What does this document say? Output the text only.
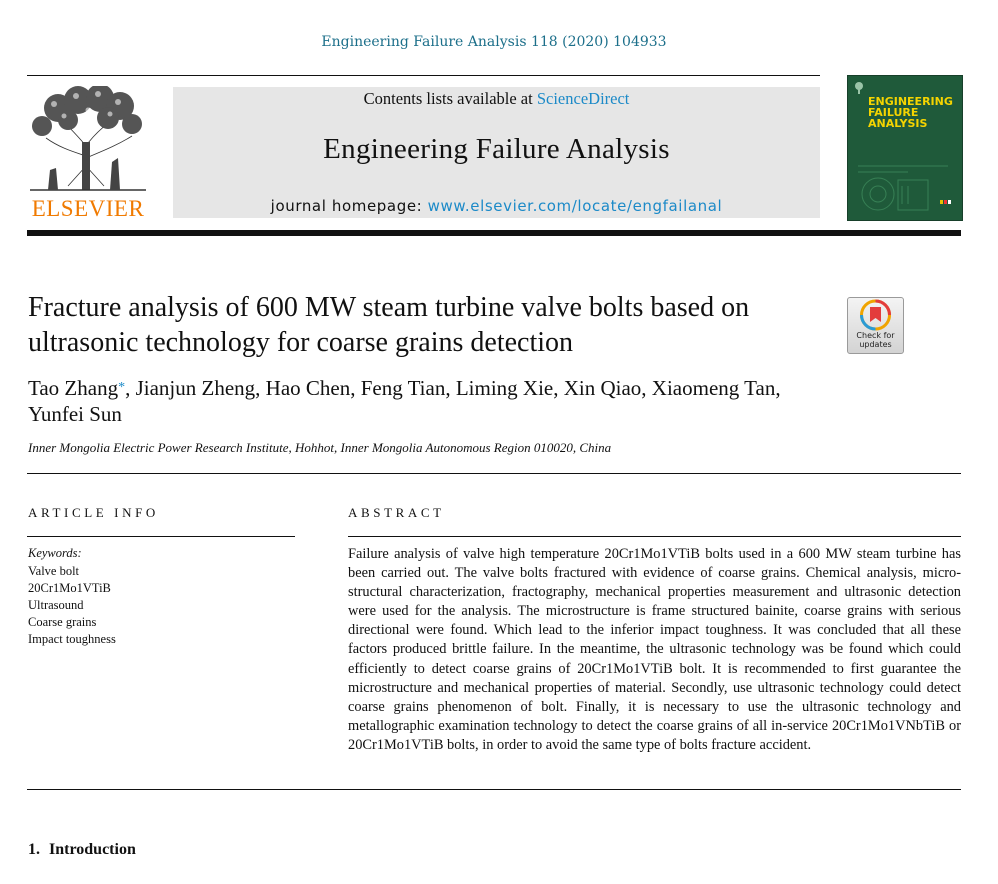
Engineering Failure Analysis 118 (2020) 104933
ELSEVIER
Contents lists available at ScienceDirect
Engineering Failure Analysis
journal homepage: www.elsevier.com/locate/engfailanal
ENGINEERING FAILURE ANALYSIS
Fracture analysis of 600 MW steam turbine valve bolts based on ultrasonic technology for coarse grains detection	Check for updates
Tao Zhang*, Jianjun Zheng, Hao Chen, Feng Tian, Liming Xie, Xin Qiao, Xiaomeng Tan, Yunfei Sun
Inner Mongolia Electric Power Research Institute, Hohhot, Inner Mongolia Autonomous Region 010020, China
ARTICLE INFO
Keywords:
Valve bolt
20Cr1Mo1VTiB
Ultrasound
Coarse grains
Impact toughness
ABSTRACT

Failure analysis of valve high temperature 20Cr1Mo1VTiB bolts used in a 600 MW steam turbine has been carried out. The valve bolts fractured with evidence of coarse grains. Chemical analysis, micro-structural characterization, fractography, mechanical properties measurement and ultrasonic detection were used for the analysis. The microstructure is frame structured bainite, coarse grains with serious directional were found. Which lead to the inferior impact toughness. It was concluded that all these factors produced brittle failure. In the meantime, the ultrasonic technology was be found which could efficiently to detect coarse grains of 20Cr1Mo1VTiB bolt. It is recommended to first guarantee the microstructure and mechanical properties of material. Secondly, use ultrasonic technology could detect coarse grains phenomenon of bolt. Finally, it is necessary to use the ultrasonic technology and metallographic examination technology to detect the coarse grains of all in-service 20Cr1Mo1VNbTiB or 20Cr1Mo1VTiB bolts, in order to avoid the same type of bolts fracture accident.

1. Introduction
